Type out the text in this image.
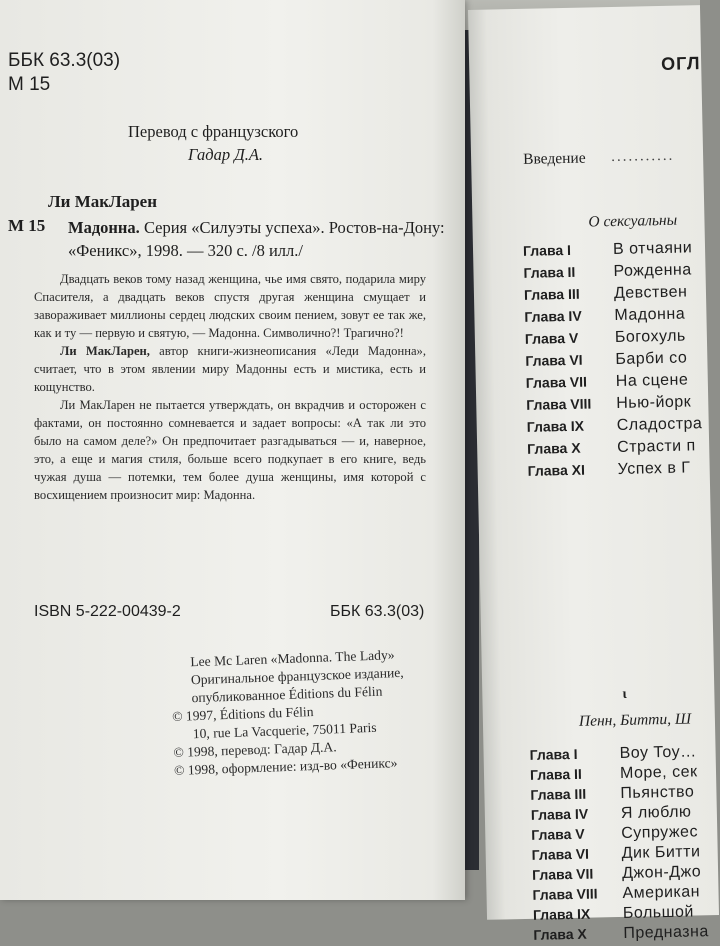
ББК 63.3(03)
М 15
Перевод с французского
Гадар Д.А.
Ли МакЛарен
М 15 Мадонна. Серия «Силуэты успеха». Ростов-на-Дону: «Феникс», 1998. — 320 с. /8 илл./

Двадцать веков тому назад женщина, чье имя свято, подарила миру Спасителя, а двадцать веков спустя другая женщина смущает и завораживает миллионы сердец людских своим пением, зовут ее так же, как и ту — первую и святую, — Мадонна. Символично?! Трагично?!

Ли МакЛарен, автор книги-жизнеописания «Леди Мадонна», считает, что в этом явлении миру Мадонны есть и мистика, есть и кощунство.

Ли МакЛарен не пытается утверждать, он вкрадчив и осторожен с фактами, он постоянно сомневается и задает вопросы: «А так ли это было на самом деле?» Он предпочитает разгадываться — и, наверное, это, а еще и магия стиля, больше всего подкупает в его книге, ведь чужая душа — потемки, тем более душа женщины, имя которой с восхищением произносит мир: Мадонна.

ISBN 5-222-00439-2	ББК 63.3(03)
Lee Mc Laren «Madonna. The Lady»
Оригинальное французское издание,
опубликованное Éditions du Félin
© 1997, Éditions du Félin
10, rue La Vacquerie, 75011 Paris
© 1998, перевод: Гадар Д.А.
© 1998, оформление: изд-во «Феникс»
ОГЛ
Введение ...........
О сексуальны
Глава I	В отчаяни
Глава II Рожденна
Глава III Девствен
Глава IV Мадонна
Глава V Богохуль
Глава VI Барби со
Глава VII На сцене
Глава VIII Нью-йорк
Глава IX Сладостра
Глава X Страсти п
Глава XI Успех в Г
ι
Пенн, Битти, Ш
Глава I	Воу Тоу…
Глава II Море, сек
Глава III Пьянство
Глава IV Я люблю
Глава V Супружес
Глава VI Дик Битти
Глава VII Джон-Джо
Глава VIII Американ
Глава IX Большой
Глава X Предназна
